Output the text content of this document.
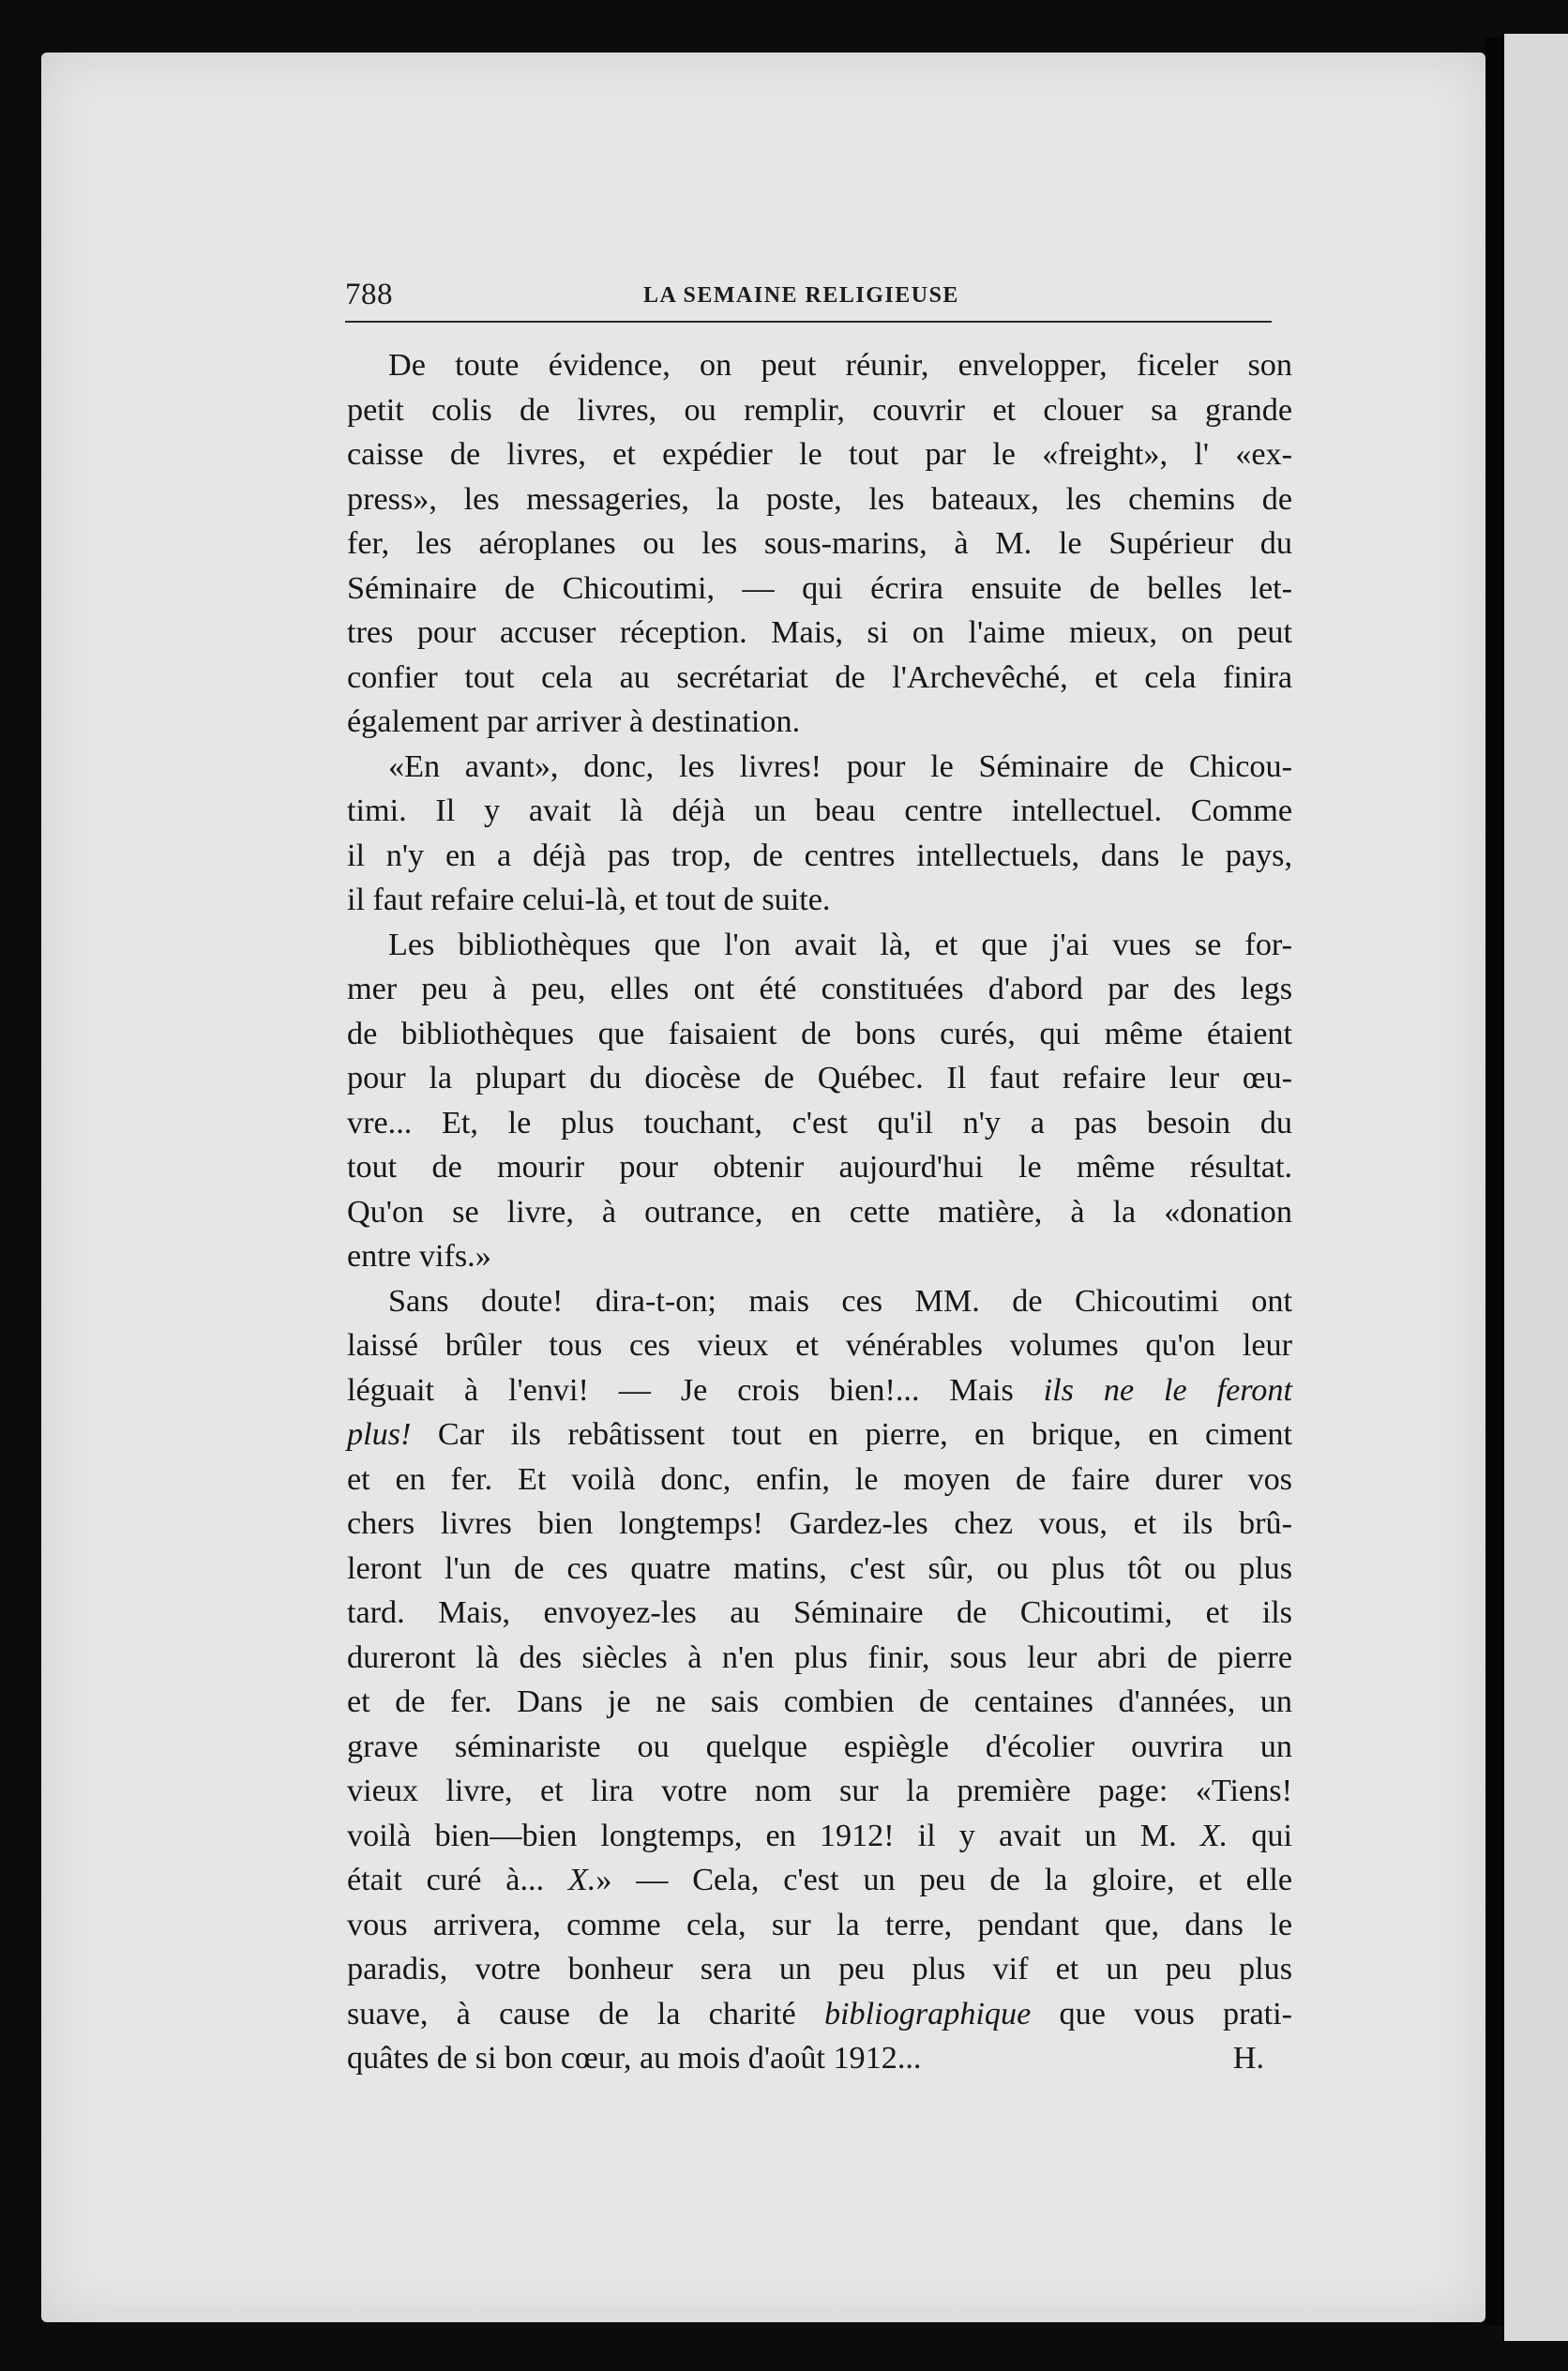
788	LA SEMAINE RELIGIEUSE
De toute évidence, on peut réunir, envelopper, ficeler son
petit colis de livres, ou remplir, couvrir et clouer sa grande
caisse de livres, et expédier le tout par le «freight», l' «ex-
press», les messageries, la poste, les bateaux, les chemins de
fer, les aéroplanes ou les sous-marins, à M. le Supérieur du
Séminaire de Chicoutimi, — qui écrira ensuite de belles let-
tres pour accuser réception. Mais, si on l'aime mieux, on peut
confier tout cela au secrétariat de l'Archevêché, et cela finira
également par arriver à destination.
«En avant», donc, les livres! pour le Séminaire de Chicou-
timi. Il y avait là déjà un beau centre intellectuel. Comme
il n'y en a déjà pas trop, de centres intellectuels, dans le pays,
il faut refaire celui-là, et tout de suite.
Les bibliothèques que l'on avait là, et que j'ai vues se for-
mer peu à peu, elles ont été constituées d'abord par des legs
de bibliothèques que faisaient de bons curés, qui même étaient
pour la plupart du diocèse de Québec. Il faut refaire leur œu-
vre... Et, le plus touchant, c'est qu'il n'y a pas besoin du
tout de mourir pour obtenir aujourd'hui le même résultat.
Qu'on se livre, à outrance, en cette matière, à la «donation
entre vifs.»
Sans doute! dira-t-on; mais ces MM. de Chicoutimi ont
laissé brûler tous ces vieux et vénérables volumes qu'on leur
léguait à l'envi! — Je crois bien!... Mais ils ne le feront
plus! Car ils rebâtissent tout en pierre, en brique, en ciment
et en fer. Et voilà donc, enfin, le moyen de faire durer vos
chers livres bien longtemps! Gardez-les chez vous, et ils brû-
leront l'un de ces quatre matins, c'est sûr, ou plus tôt ou plus
tard. Mais, envoyez-les au Séminaire de Chicoutimi, et ils
dureront là des siècles à n'en plus finir, sous leur abri de pierre
et de fer. Dans je ne sais combien de centaines d'années, un
grave séminariste ou quelque espiègle d'écolier ouvrira un
vieux livre, et lira votre nom sur la première page: «Tiens!
voilà bien—bien longtemps, en 1912! il y avait un M. X. qui
était curé à... X.» — Cela, c'est un peu de la gloire, et elle
vous arrivera, comme cela, sur la terre, pendant que, dans le
paradis, votre bonheur sera un peu plus vif et un peu plus
suave, à cause de la charité bibliographique que vous prati-
quâtes de si bon cœur, au mois d'août 1912...	H.
